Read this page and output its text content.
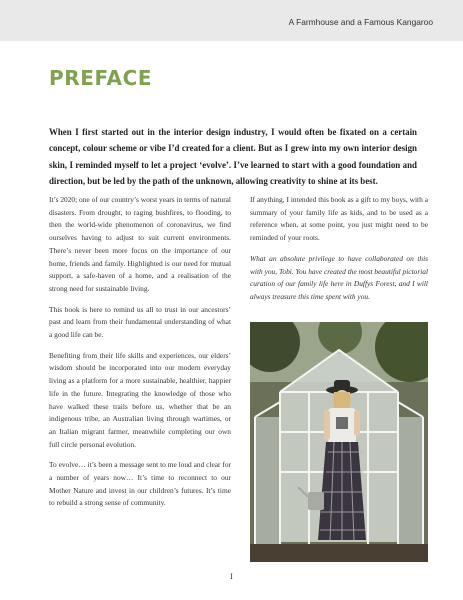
A Farmhouse and a Famous Kangaroo
PREFACE

When I first started out in the interior design industry, I would often be fixated on a certain concept, colour scheme or vibe I’d created for a client. But as I grew into my own interior design skin, I reminded myself to let a project ‘evolve’. I’ve learned to start with a good foundation and direction, but be led by the path of the unknown, allowing creativity to shine at its best.

It’s 2020; one of our country’s worst years in terms of natural disasters. From drought, to raging bushfires, to flooding, to then the world-wide phenomenon of coronavirus, we find ourselves having to adjust to suit current environments. There’s never been more focus on the importance of our home, friends and family. Highlighted is our need for mutual support, a safe-haven of a home, and a realisation of the strong need for sustainable living.

This book is here to remind us all to trust in our ancestors’ past and learn from their fundamental understanding of what a good life can be.

Benefiting from their life skills and experiences, our elders’ wisdom should be incorporated into our modern everyday living as a platform for a more sustainable, healthier, happier life in the future. Integrating the knowledge of those who have walked these trails before us, whether that be an indigenous tribe, an Australian living through wartimes, or an Italian migrant farmer, meanwhile completing our own full circle personal evolution.

To evolve… it’s been a message sent to me loud and clear for a number of years now… It’s time to reconnect to our Mother Nature and invest in our children’s futures. It’s time to rebuild a strong sense of community.

If anything, I intended this book as a gift to my boys, with a summary of your family life as kids, and to be used as a reference when, at some point, you just might need to be reminded of your roots.

What an absolute privilege to have collaborated on this with you, Tobi. You have created the most beautiful pictorial curation of our family life here in Duffys Forest, and I will always treasure this time spent with you.

I
